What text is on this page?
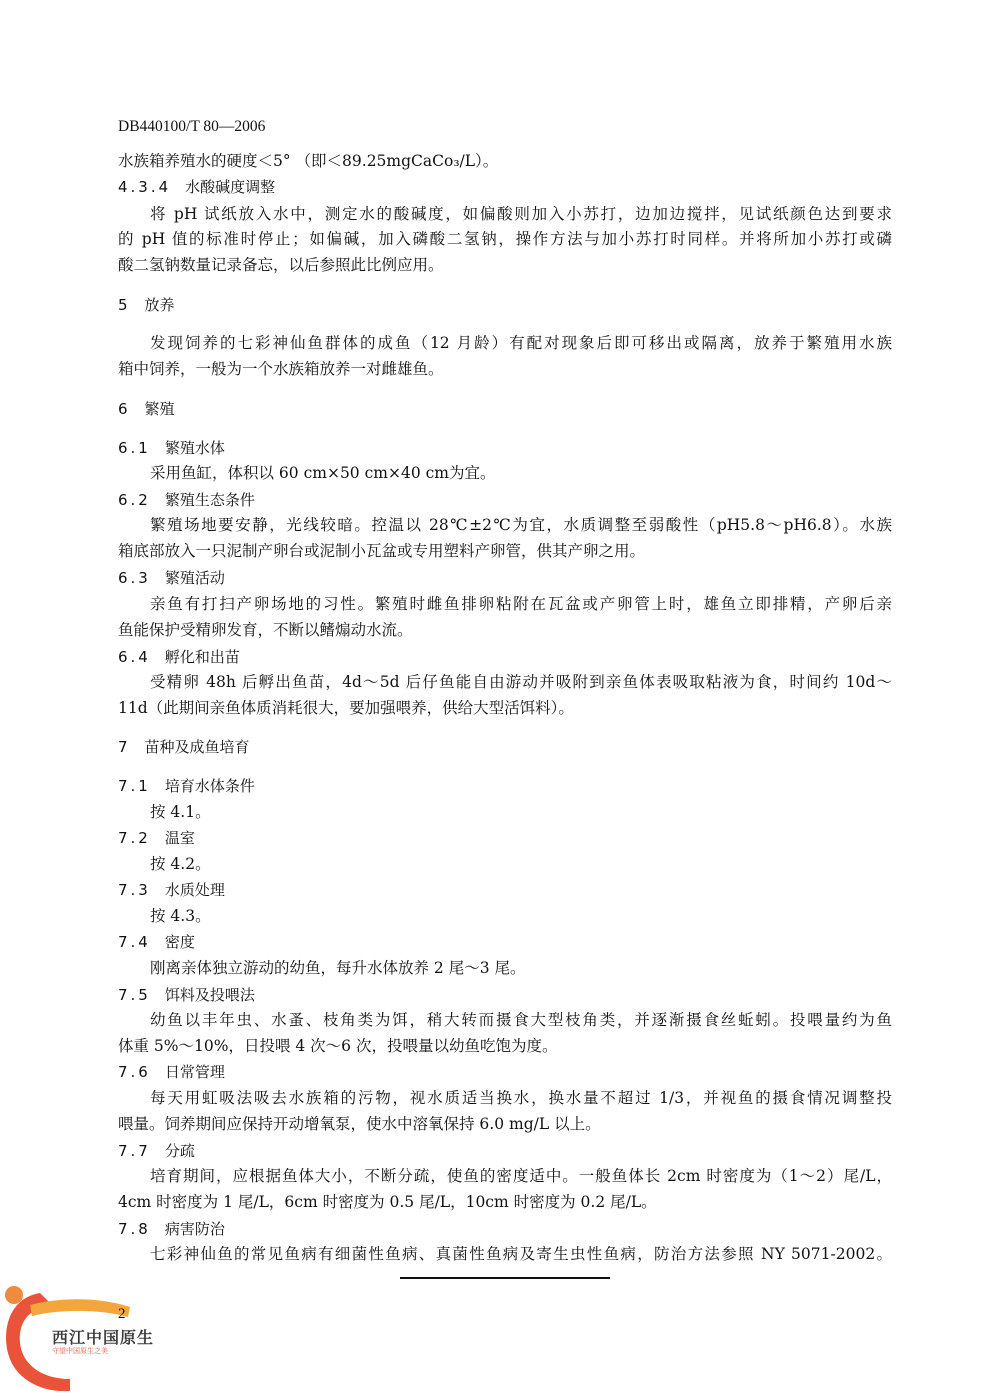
DB440100/T 80—2006
水族箱养殖水的硬度＜5° （即＜89.25mgCaCo₃/L）。
4.3.4 水酸碱度调整
将 pH 试纸放入水中，测定水的酸碱度，如偏酸则加入小苏打，边加边搅拌，见试纸颜色达到要求
的 pH 值的标准时停止；如偏碱，加入磷酸二氢钠，操作方法与加小苏打时同样。并将所加小苏打或磷
酸二氢钠数量记录备忘，以后参照此比例应用。
5 放养
发现饲养的七彩神仙鱼群体的成鱼（12 月龄）有配对现象后即可移出或隔离，放养于繁殖用水族
箱中饲养，一般为一个水族箱放养一对雌雄鱼。
6 繁殖
6.1 繁殖水体
采用鱼缸，体积以 60 cm×50 cm×40 cm为宜。
6.2 繁殖生态条件
繁殖场地要安静，光线较暗。控温以 28℃±2℃为宜，水质调整至弱酸性（pH5.8～pH6.8）。水族
箱底部放入一只泥制产卵台或泥制小瓦盆或专用塑料产卵管，供其产卵之用。
6.3 繁殖活动
亲鱼有打扫产卵场地的习性。繁殖时雌鱼排卵粘附在瓦盆或产卵管上时，雄鱼立即排精，产卵后亲
鱼能保护受精卵发育，不断以鳍煽动水流。
6.4 孵化和出苗
受精卵 48h 后孵出鱼苗，4d～5d 后仔鱼能自由游动并吸附到亲鱼体表吸取粘液为食，时间约 10d～
11d（此期间亲鱼体质消耗很大，要加强喂养，供给大型活饵料）。
7 苗种及成鱼培育
7.1 培育水体条件
按 4.1。
7.2 温室
按 4.2。
7.3 水质处理
按 4.3。
7.4 密度
刚离亲体独立游动的幼鱼，每升水体放养 2 尾～3 尾。
7.5 饵料及投喂法
幼鱼以丰年虫、水蚤、枝角类为饵，稍大转而摄食大型枝角类，并逐渐摄食丝蚯蚓。投喂量约为鱼
体重 5%～10%，日投喂 4 次～6 次，投喂量以幼鱼吃饱为度。
7.6 日常管理
每天用虹吸法吸去水族箱的污物，视水质适当换水，换水量不超过 1/3，并视鱼的摄食情况调整投
喂量。饲养期间应保持开动增氧泵，使水中溶氧保持 6.0 mg/L 以上。
7.7 分疏
培育期间，应根据鱼体大小，不断分疏，使鱼的密度适中。一般鱼体长 2cm 时密度为（1～2）尾/L，
4cm 时密度为 1 尾/L，6cm 时密度为 0.5 尾/L，10cm 时密度为 0.2 尾/L。
7.8 病害防治
七彩神仙鱼的常见鱼病有细菌性鱼病、真菌性鱼病及寄生虫性鱼病，防治方法参照 NY 5071-2002。
WWW.CCNZD.COM
西江中国原生
守望中国原生之美
2
